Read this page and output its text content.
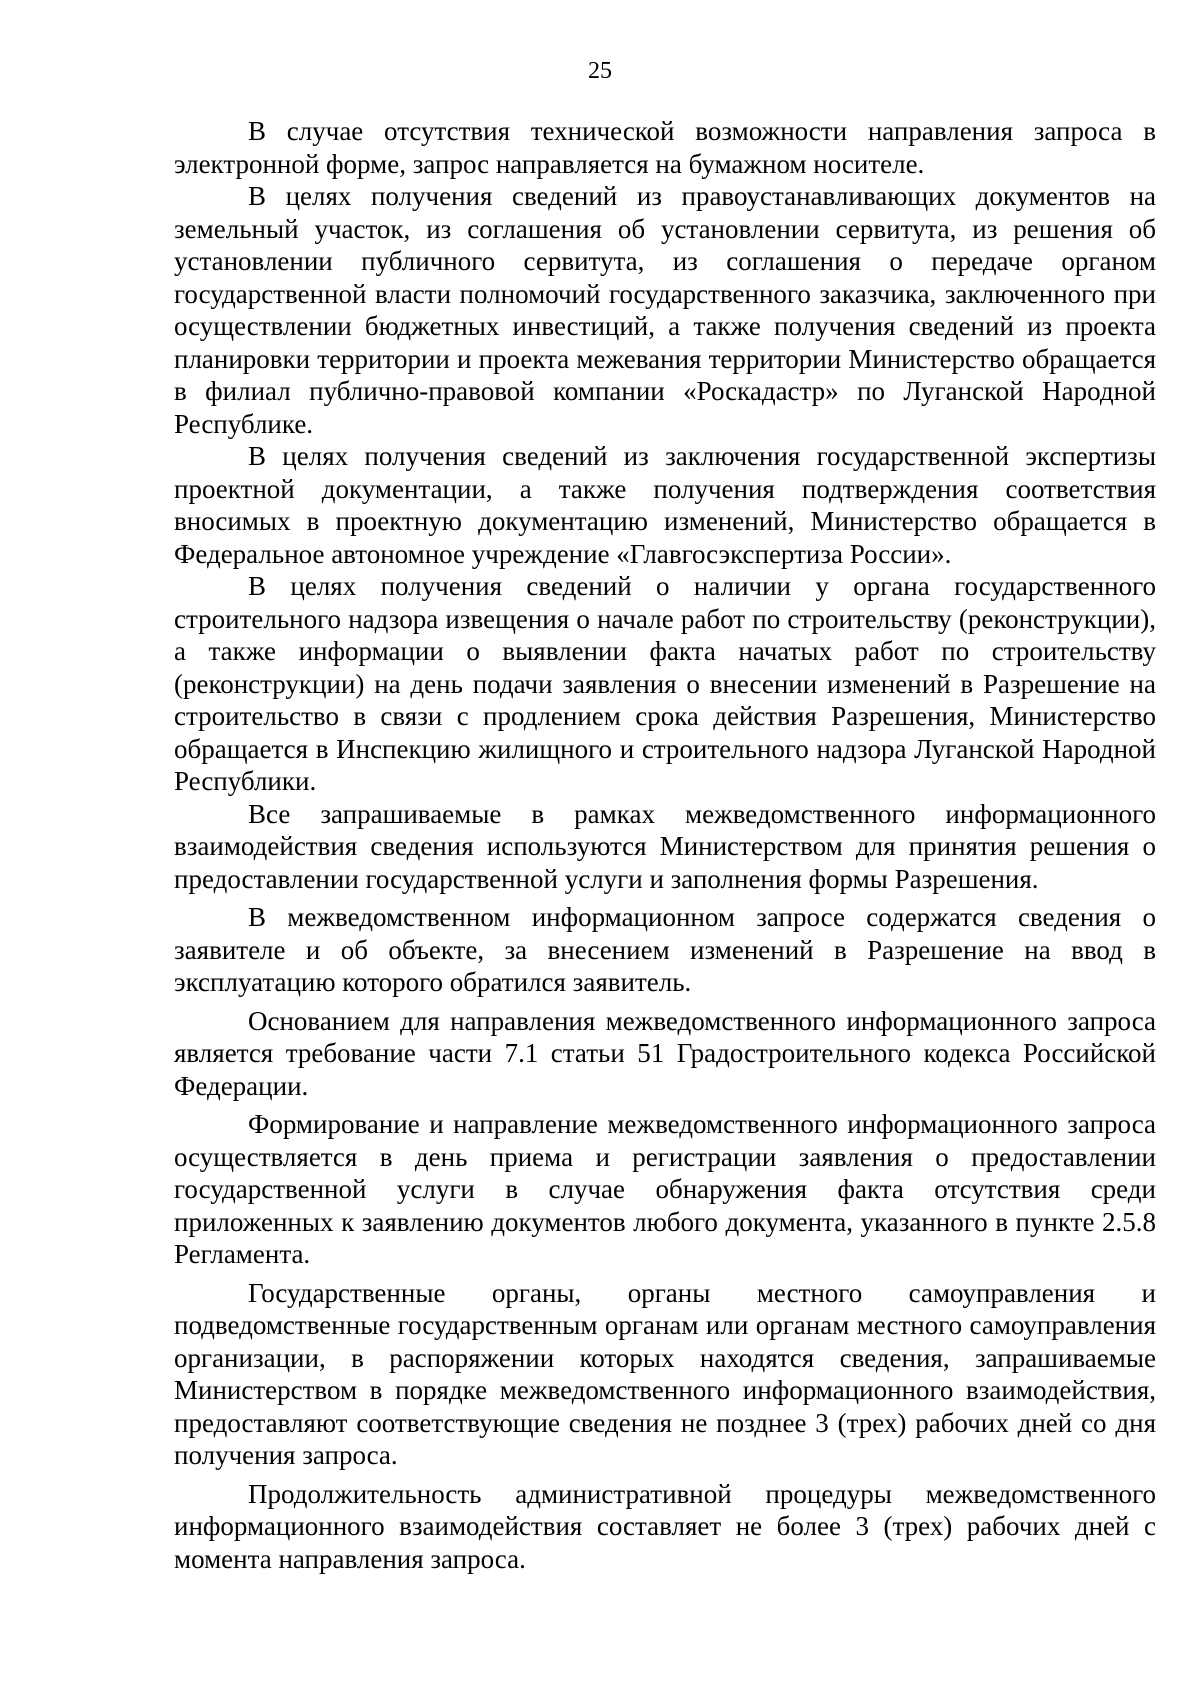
25

В случае отсутствия технической возможности направления запроса в электронной форме, запрос направляется на бумажном носителе.

В целях получения сведений из правоустанавливающих документов на земельный участок, из соглашения об установлении сервитута, из решения об установлении публичного сервитута, из соглашения о передаче органом государственной власти полномочий государственного заказчика, заключенного при осуществлении бюджетных инвестиций, а также получения сведений из проекта планировки территории и проекта межевания территории Министерство обращается в филиал публично-правовой компании «Роскадастр» по Луганской Народной Республике.

В целях получения сведений из заключения государственной экспертизы проектной документации, а также получения подтверждения соответствия вносимых в проектную документацию изменений, Министерство обращается в Федеральное автономное учреждение «Главгосэкспертиза России».

В целях получения сведений о наличии у органа государственного строительного надзора извещения о начале работ по строительству (реконструкции), а также информации о выявлении факта начатых работ по строительству (реконструкции) на день подачи заявления о внесении изменений в Разрешение на строительство в связи с продлением срока действия Разрешения, Министерство обращается в Инспекцию жилищного и строительного надзора Луганской Народной Республики.

Все запрашиваемые в рамках межведомственного информационного взаимодействия сведения используются Министерством для принятия решения о предоставлении государственной услуги и заполнения формы Разрешения.

В межведомственном информационном запросе содержатся сведения о заявителе и об объекте, за внесением изменений в Разрешение на ввод в эксплуатацию которого обратился заявитель.

Основанием для направления межведомственного информационного запроса является требование части 7.1 статьи 51 Градостроительного кодекса Российской Федерации.

Формирование и направление межведомственного информационного запроса осуществляется в день приема и регистрации заявления о предоставлении государственной услуги в случае обнаружения факта отсутствия среди приложенных к заявлению документов любого документа, указанного в пункте 2.5.8 Регламента.

Государственные органы, органы местного самоуправления и подведомственные государственным органам или органам местного самоуправления организации, в распоряжении которых находятся сведения, запрашиваемые Министерством в порядке межведомственного информационного взаимодействия, предоставляют соответствующие сведения не позднее 3 (трех) рабочих дней со дня получения запроса.

Продолжительность административной процедуры межведомственного информационного взаимодействия составляет не более 3 (трех) рабочих дней с момента направления запроса.
